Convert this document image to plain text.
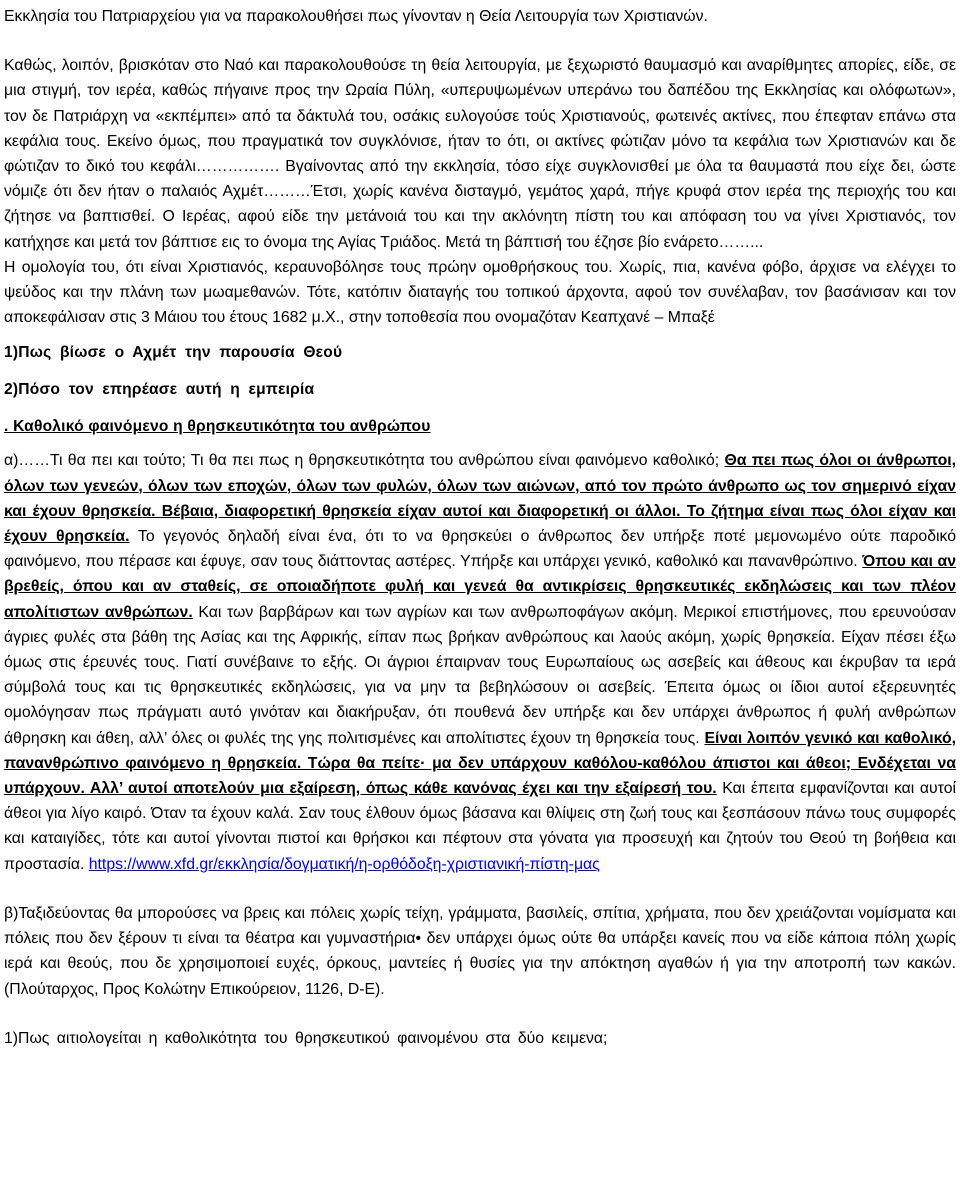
Εκκλησία του Πατριαρχείου για να παρακολουθήσει πως γίνονταν η Θεία Λειτουργία των Χριστιανών.

Καθώς, λοιπόν, βρισκόταν στο Ναό και παρακολουθούσε τη θεία λειτουργία, με ξεχωριστό θαυμασμό και αναρίθμητες απορίες, είδε, σε μια στιγμή, τον ιερέα, καθώς πήγαινε προς την Ωραία Πύλη, «υπερυψωμένων υπεράνω του δαπέδου της Εκκλησίας και ολόφωτων», τον δε Πατριάρχη να «εκπέμπει» από τα δάκτυλά του, οσάκις ευλογούσε τούς Χριστιανούς, φωτεινές ακτίνες, που έπεφταν επάνω στα κεφάλια τους. Εκείνο όμως, που πραγματικά τον συγκλόνισε, ήταν το ότι, οι ακτίνες φώτιζαν μόνο τα κεφάλια των Χριστιανών και δε φώτιζαν το δικό του κεφάλι……………. Βγαίνοντας από την εκκλησία, τόσο είχε συγκλονισθεί με όλα τα θαυμαστά που είχε δει, ώστε νόμιζε ότι δεν ήταν ο παλαιός Αχμέτ………Έτσι, χωρίς κανένα δισταγμό, γεμάτος χαρά, πήγε κρυφά στον ιερέα της περιοχής του και ζήτησε να βαπτισθεί. Ο Ιερέας, αφού είδε την μετάνοιά του και την ακλόνητη πίστη του και απόφαση του να γίνει Χριστιανός, τον κατήχησε και μετά τον βάπτισε εις το όνομα της Αγίας Τριάδος. Μετά τη βάπτισή του έζησε βίο ενάρετο……...

Η ομολογία του, ότι είναι Χριστιανός, κεραυνοβόλησε τους πρώην ομοθρήσκους του. Χωρίς, πια, κανένα φόβο, άρχισε να ελέγχει το ψεύδος και την πλάνη των μωαμεθανών. Τότε, κατόπιν διαταγής του τοπικού άρχοντα, αφού τον συνέλαβαν, τον βασάνισαν και τον αποκεφάλισαν στις 3 Μάιου του έτους 1682 μ.Χ., στην τοποθεσία που ονομαζόταν Κεαπχανέ – Μπαξέ

1)Πως βίωσε ο Αχμέτ την παρουσία Θεού

2)Πόσο τον επηρέασε αυτή η εμπειρία

. Καθολικό φαινόμενο η θρησκευτικότητα του ανθρώπου

α)……Τι θα πει και τούτο; Τι θα πει πως η θρησκευτικότητα του ανθρώπου είναι φαινόμενο καθολικό; Θα πει πως όλοι οι άνθρωποι, όλων των γενεών, όλων των εποχών, όλων των φυλών, όλων των αιώνων, από τον πρώτο άνθρωπο ως τον σημερινό είχαν και έχουν θρησκεία. Βέβαια, διαφορετική θρησκεία είχαν αυτοί και διαφορετική οι άλλοι. Το ζήτημα είναι πως όλοι είχαν και έχουν θρησκεία. Το γεγονός δηλαδή είναι ένα, ότι το να θρησκεύει ο άνθρωπος δεν υπήρξε ποτέ μεμονωμένο ούτε παροδικό φαινόμενο, που πέρασε και έφυγε, σαν τους διάττοντας αστέρες. Υπήρξε και υπάρχει γενικό, καθολικό και πανανθρώπινο. Όπου και αν βρεθείς, όπου και αν σταθείς, σε οποιαδήποτε φυλή και γενεά θα αντικρίσεις θρησκευτικές εκδηλώσεις και των πλέον απολίτιστων ανθρώπων. Και των βαρβάρων και των αγρίων και των ανθρωποφάγων ακόμη. Μερικοί επιστήμονες, που ερευνούσαν άγριες φυλές στα βάθη της Ασίας και της Αφρικής, είπαν πως βρήκαν ανθρώπους και λαούς ακόμη, χωρίς θρησκεία. Είχαν πέσει έξω όμως στις έρευνές τους. Γιατί συνέβαινε το εξής. Οι άγριοι έπαιρναν τους Ευρωπαίους ως ασεβείς και άθεους και έκρυβαν τα ιερά σύμβολά τους και τις θρησκευτικές εκδηλώσεις, για να μην τα βεβηλώσουν οι ασεβείς. Έπειτα όμως οι ίδιοι αυτοί εξερευνητές ομολόγησαν πως πράγματι αυτό γινόταν και διακήρυξαν, ότι πουθενά δεν υπήρξε και δεν υπάρχει άνθρωπος ή φυλή ανθρώπων άθρησκη και άθεη, αλλ’ όλες οι φυλές της γης πολιτισμένες και απολίτιστες έχουν τη θρησκεία τους. Είναι λοιπόν γενικό και καθολικό, πανανθρώπινο φαινόμενο η θρησκεία. Τώρα θα πείτε· μα δεν υπάρχουν καθόλου-καθόλου άπιστοι και άθεοι; Ενδέχεται να υπάρχουν. Αλλ’ αυτοί αποτελούν μια εξαίρεση, όπως κάθε κανόνας έχει και την εξαίρεσή του. Και έπειτα εμφανίζονται και αυτοί άθεοι για λίγο καιρό. Όταν τα έχουν καλά. Σαν τους έλθουν όμως βάσανα και θλίψεις στη ζωή τους και ξεσπάσουν πάνω τους συμφορές και καταιγίδες, τότε και αυτοί γίνονται πιστοί και θρήσκοι και πέφτουν στα γόνατα για προσευχή και ζητούν του Θεού τη βοήθεια και προστασία. https://www.xfd.gr/εκκλησία/δογματική/η-ορθόδοξη-χριστιανική-πίστη-μας

β)Ταξιδεύοντας θα μπορούσες να βρεις και πόλεις χωρίς τείχη, γράμματα, βασιλείς, σπίτια, χρήματα, που δεν χρειάζονται νομίσματα και πόλεις που δεν ξέρουν τι είναι τα θέατρα και γυμναστήρια• δεν υπάρχει όμως ούτε θα υπάρξει κανείς που να είδε κάποια πόλη χωρίς ιερά και θεούς, που δε χρησιμοποιεί ευχές, όρκους, μαντείες ή θυσίες για την απόκτηση αγαθών ή για την αποτροπή των κακών. (Πλούταρχος, Προς Κολώτην Επικούρειον, 1126, D-E).

1)Πως αιτιολογείται η καθολικότητα του θρησκευτικού φαινομένου στα δύο κειμενα;
